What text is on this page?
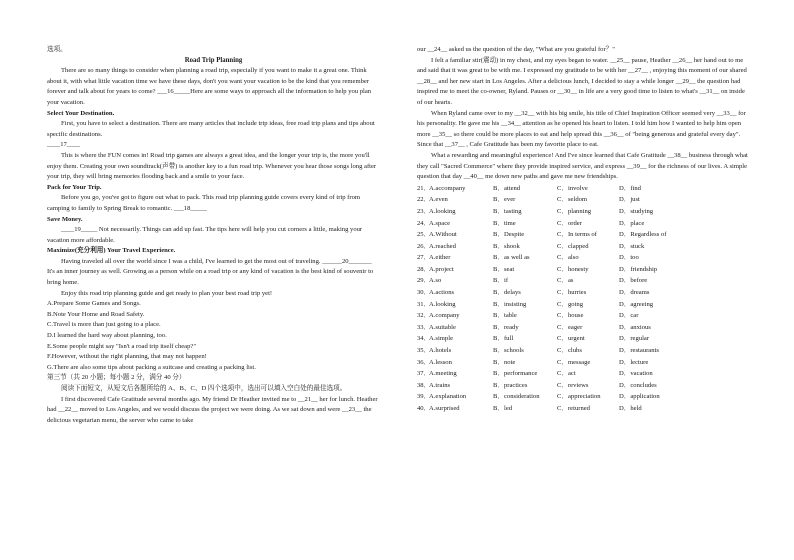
选项。

Road Trip Planning

There are so many things to consider when planning a road trip, especially if you want to make it a great one. Think about it, with what little vacation time we have these days, don't you want your vacation to be the kind that you remember forever and talk about for years to come? ___16_____Here are some ways to approach all the information to help you plan your vacation.

Select Your Destination.

First, you have to select a destination. There are many articles that include trip ideas, free road trip plans and tips about specific destinations.

____17____

This is where the FUN comes in! Road trip games are always a great idea, and the longer your trip is, the more you'll enjoy them. Creating your own soundtrack(声带) is another key to a fun road trip. Whenever you hear those songs long after your trip, they will bring memories flooding back and a smile to your face.

Pack for Your Trip.

Before you go, you've got to figure out what to pack. This road trip planning guide covers every kind of trip from camping to family to Spring Break to romantic. ___18_____

Save Money.

____19_____ Not necessarily. Things can add up fast. The tips here will help you cut corners a little, making your vacation more affordable.

Maximize(充分利用) Your Travel Experience.

Having traveled all over the world since I was a child, I've learned to get the most out of traveling. ______20_______ It's an inner journey as well. Growing as a person while on a road trip or any kind of vacation is the best kind of souvenir to bring home.

Enjoy this road trip planning guide and get ready to plan your best road trip yet!

A.Prepare Some Games and Songs.

B.Note Your Home and Road Safety.

C.Travel is more than just going to a place.

D.I learned the hard way about planning, too.

E.Some people might say "Isn't a road trip itself cheap?"

F.However, without the right planning, that may not happen!

G.There are also some tips about packing a suitcase and creating a packing list.

第三节（共 20 小题；每小题 2 分，满分 40 分）

阅读下面短文，从短文后各题所给的 A、B、C、D 四个选项中，选出可以填入空白处的最佳选项。

I first discovered Cafe Gratitude several months ago. My friend Dr Heather invited me to __21__ her for lunch. Heather had __22__ moved to Los Angeles, and we would discuss the project we were doing. As we sat down and were __23__ the delicious vegetarian menu, the server who came to take

our __24__ asked us the question of the day, "What are you grateful for？"

I felt a familiar stir(震动) in my chest, and my eyes began to water. __25__ pause, Heather __26__ her hand out to me and said that it was great to be with me. I expressed my gratitude to be with her __27__ , enjoying this moment of our shared __28__ and her new start in Los Angeles. After a delicious lunch, I decided to stay a while longer __29__ the question had inspired me to meet the co-owner, Ryland. Pauses or __30__ in life are a very good time to listen to what's __31__ on inside of our hearts.

When Ryland came over to my __32__ with his big smile, his title of Chief Inspiration Officer seemed very __33__ for his personality. He gave me his __34__ attention as he opened his heart to listen. I told him how I wanted to help him open more __35__ so there could be more places to eat and help spread this __36__ of "being generous and grateful every day". Since that __37__ , Cafe Gratitude has been my favorite place to eat.

What a rewarding and meaningful experience! And I've since learned that Cafe Gratitude __38__ business through what they call "Sacred Commerce" where they provide inspired service, and express __39__ for the richness of our lives. A simple question that day __40__ me down new paths and gave me new friendships.

21．
A.accompany	B．attend	C．involve	D．find
22．
A.even	B．ever	C．seldom	D．just
23．
A.looking	B．tasting	C．planning	D．studying
24．
A.space	B．time	C．order	D．place
25．
A.Without	B．Despite	C．In terms of	D．Regardless of
26．
A.reached	B．shook	C．clapped	D．stuck
27．
A.either	B．as well as	C．also	D．too
28．
A.project	B．seat	C．honesty	D．friendship
29．
A.so	B．if	C．as	D．before
30．
A.actions	B．delays	C．hurries	D．dreams
31．
A.looking	B．insisting	C．going	D．agreeing
32．
A.company	B．table	C．house	D．car
33．
A.suitable	B．ready	C．eager	D．anxious
34．
A.simple	B．full	C．urgent	D．regular
35．
A.hotels	B．schools	C．clubs	D．restaurants
36．
A.lesson	B．note	C．message	D．lecture
37．
A.meeting	B．performance	C．act	D．vacation
38．
A.trains	B．practices	C．reviews	D．concludes
39．
A.explanation	B．consideration	C．appreciation	D．application
40．
A.surprised	B．led	C．returned	D．held
